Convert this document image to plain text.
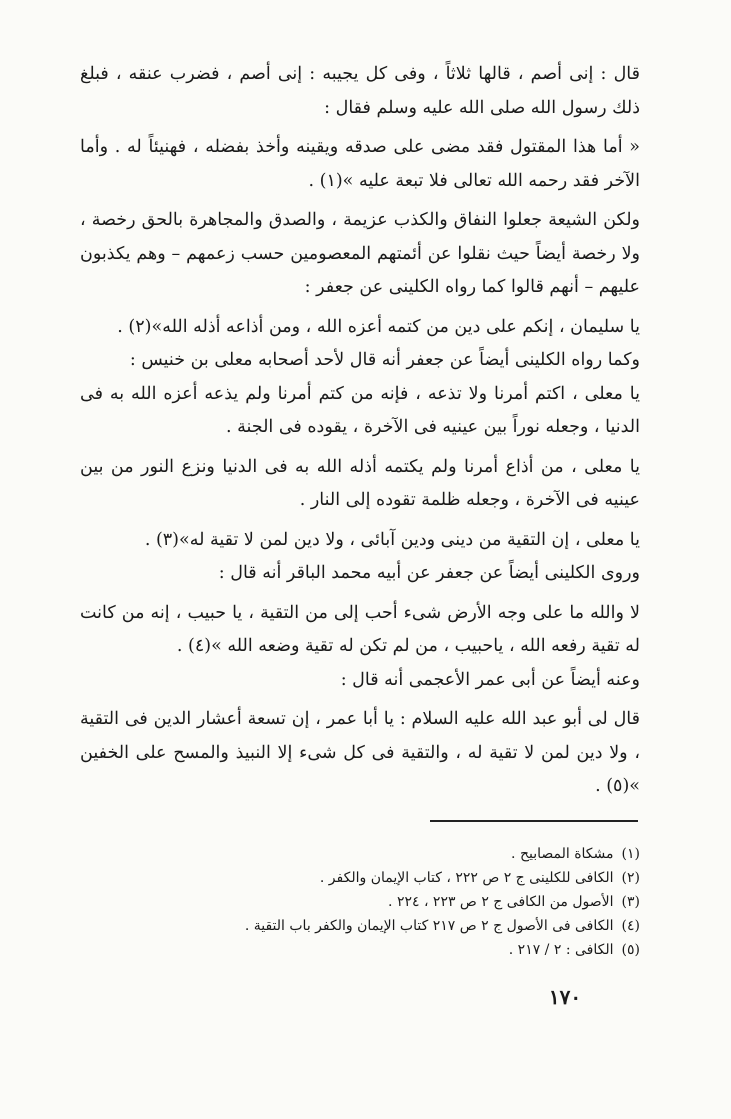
قال : إنى أصم ، قالها ثلاثاً ، وفى كل يجيبه : إنى أصم ، فضرب عنقه ، فبلغ ذلك رسول الله صلى الله عليه وسلم فقال :

« أما هذا المقتول فقد مضى على صدقه ويقينه وأخذ بفضله ، فهنيئاً له . وأما الآخر فقد رحمه الله تعالى فلا تبعة عليه »(١) .

ولكن الشيعة جعلوا النفاق والكذب عزيمة ، والصدق والمجاهرة بالحق رخصة ، ولا رخصة أيضاً حيث نقلوا عن أئمتهم المعصومين حسب زعمهم – وهم يكذبون عليهم – أنهم قالوا كما رواه الكلينى عن جعفر :

يا سليمان ، إنكم على دين من كتمه أعزه الله ، ومن أذاعه أذله الله»(٢) .

وكما رواه الكلينى أيضاً عن جعفر أنه قال لأحد أصحابه معلى بن خنيس :

يا معلى ، اكتم أمرنا ولا تذعه ، فإنه من كتم أمرنا ولم يذعه أعزه الله به فى الدنيا ، وجعله نوراً بين عينيه فى الآخرة ، يقوده فى الجنة .

يا معلى ، من أذاع أمرنا ولم يكتمه أذله الله به فى الدنيا ونزع النور من بين عينيه فى الآخرة ، وجعله ظلمة تقوده إلى النار .

يا معلى ، إن التقية من دينى ودين آبائى ، ولا دين لمن لا تقية له»(٣) .

وروى الكلينى أيضاً عن جعفر عن أبيه محمد الباقر أنه قال :

لا والله ما على وجه الأرض شىء أحب إلى من التقية ، يا حبيب ، إنه من كانت له تقية رفعه الله ، ياحبيب ، من لم تكن له تقية وضعه الله »(٤) .

وعنه أيضاً عن أبى عمر الأعجمى أنه قال :

قال لى أبو عبد الله عليه السلام : يا أبا عمر ، إن تسعة أعشار الدين فى التقية ، ولا دين لمن لا تقية له ، والتقية فى كل شىء إلا النبيذ والمسح على الخفين »(٥) .

(١)مشكاة المصابيح .
(٢)الكافى للكلينى ج ٢ ص ٢٢٢ ، كتاب الإيمان والكفر .
(٣)الأصول من الكافى ج ٢ ص ٢٢٣ ، ٢٢٤ .
(٤)الكافى فى الأصول ج ٢ ص ٢١٧ كتاب الإيمان والكفر باب التقية .
(٥)الكافى : ٢ / ٢١٧ .
١٧٠
